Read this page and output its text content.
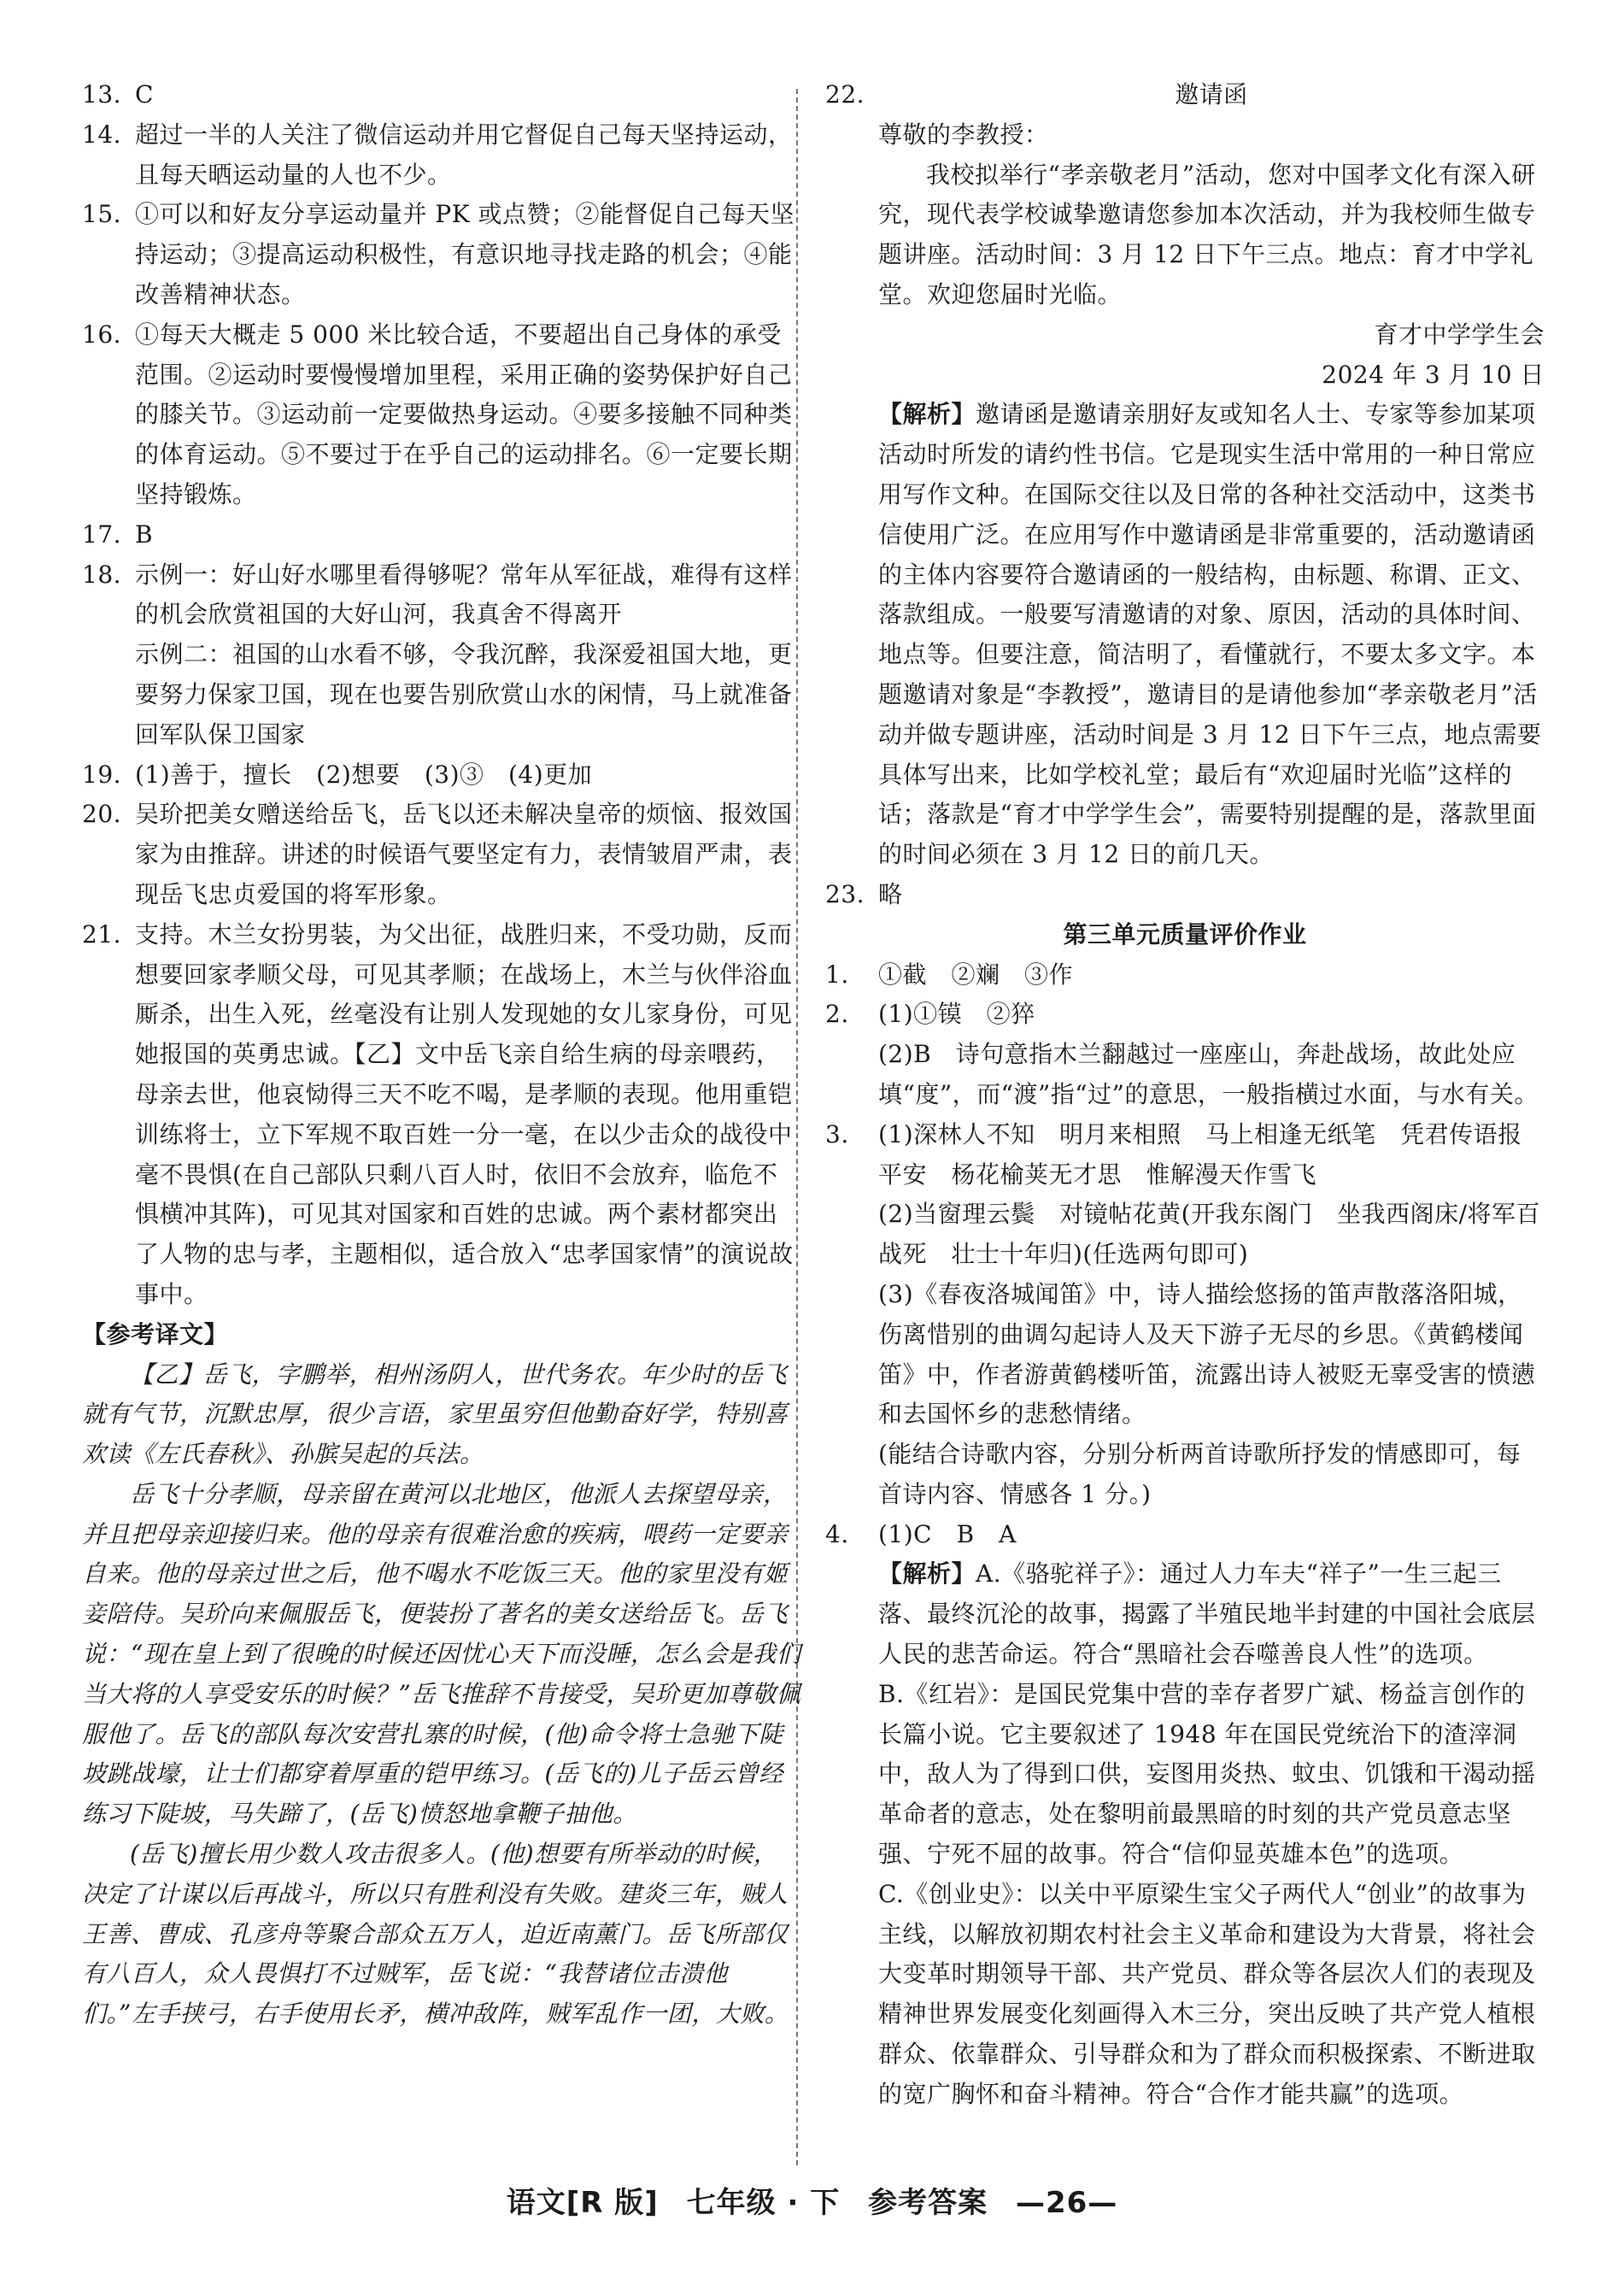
13. C
14. 超过一半的人关注了微信运动并用它督促自己每天坚持运动，且每天晒运动量的人也不少。
15. ①可以和好友分享运动量并 PK 或点赞；②能督促自己每天坚持运动；③提高运动积极性，有意识地寻找走路的机会；④能改善精神状态。
16. ①每天大概走 5 000 米比较合适，不要超出自己身体的承受范围。②运动时要慢慢增加里程，采用正确的姿势保护好自己的膝关节。③运动前一定要做热身运动。④要多接触不同种类的体育运动。⑤不要过于在乎自己的运动排名。⑥一定要长期坚持锻炼。
17. B
18. 示例一：好山好水哪里看得够呢？常年从军征战，难得有这样的机会欣赏祖国的大好山河，我真舍不得离开
示例二：祖国的山水看不够，令我沉醉，我深爱祖国大地，更要努力保家卫国，现在也要告别欣赏山水的闲情，马上就准备回军队保卫国家
19. (1)善于，擅长　(2)想要　(3)③　(4)更加
20. 吴玠把美女赠送给岳飞，岳飞以还未解决皇帝的烦恼、报效国家为由推辞。讲述的时候语气要坚定有力，表情皱眉严肃，表现岳飞忠贞爱国的将军形象。
21. 支持。木兰女扮男装，为父出征，战胜归来，不受功勋，反而想要回家孝顺父母，可见其孝顺；在战场上，木兰与伙伴浴血厮杀，出生入死，丝毫没有让别人发现她的女儿家身份，可见她报国的英勇忠诚。【乙】文中岳飞亲自给生病的母亲喂药，母亲去世，他哀恸得三天不吃不喝，是孝顺的表现。他用重铠训练将士，立下军规不取百姓一分一毫，在以少击众的战役中毫不畏惧(在自己部队只剩八百人时，依旧不会放弃，临危不惧横冲其阵)，可见其对国家和百姓的忠诚。两个素材都突出了人物的忠与孝，主题相似，适合放入“忠孝国家情”的演说故事中。
【参考译文】
【乙】岳飞，字鹏举，相州汤阴人，世代务农。年少时的岳飞就有气节，沉默忠厚，很少言语，家里虽穷但他勤奋好学，特别喜欢读《左氏春秋》、孙膑吴起的兵法。
岳飞十分孝顺，母亲留在黄河以北地区，他派人去探望母亲，并且把母亲迎接归来。他的母亲有很难治愈的疾病，喂药一定要亲自来。他的母亲过世之后，他不喝水不吃饭三天。他的家里没有姬妾陪侍。吴玠向来佩服岳飞，便装扮了著名的美女送给岳飞。岳飞说：“现在皇上到了很晚的时候还因忧心天下而没睡，怎么会是我们当大将的人享受安乐的时候？”岳飞推辞不肯接受，吴玠更加尊敬佩服他了。岳飞的部队每次安营扎寨的时候，(他)命令将士急驰下陡坡跳战壕，让士们都穿着厚重的铠甲练习。(岳飞的)儿子岳云曾经练习下陡坡，马失蹄了，(岳飞)愤怒地拿鞭子抽他。
(岳飞)擅长用少数人攻击很多人。(他)想要有所举动的时候，决定了计谋以后再战斗，所以只有胜利没有失败。建炎三年，贼人王善、曹成、孔彦舟等聚合部众五万人，迫近南薰门。岳飞所部仅有八百人，众人畏惧打不过贼军，岳飞说：“我替诸位击溃他们。”左手挟弓，右手使用长矛，横冲敌阵，贼军乱作一团，大败。
22.	邀请函
尊敬的李教授：
我校拟举行“孝亲敬老月”活动，您对中国孝文化有深入研究，现代表学校诚挚邀请您参加本次活动，并为我校师生做专题讲座。活动时间：3 月 12 日下午三点。地点：育才中学礼堂。欢迎您届时光临。
育才中学学生会
2024 年 3 月 10 日
【解析】邀请函是邀请亲朋好友或知名人士、专家等参加某项活动时所发的请约性书信。它是现实生活中常用的一种日常应用写作文种。在国际交往以及日常的各种社交活动中，这类书信使用广泛。在应用写作中邀请函是非常重要的，活动邀请函的主体内容要符合邀请函的一般结构，由标题、称谓、正文、落款组成。一般要写清邀请的对象、原因，活动的具体时间、地点等。但要注意，简洁明了，看懂就行，不要太多文字。本题邀请对象是“李教授”，邀请目的是请他参加“孝亲敬老月”活动并做专题讲座，活动时间是 3 月 12 日下午三点，地点需要具体写出来，比如学校礼堂；最后有“欢迎届时光临”这样的话；落款是“育才中学学生会”，需要特别提醒的是，落款里面的时间必须在 3 月 12 日的前几天。
23. 略
第三单元质量评价作业
1.	①截　②斓　③作
2.	(1)①镆　②猝
(2)B　诗句意指木兰翻越过一座座山，奔赴战场，故此处应填“度”，而“渡”指“过”的意思，一般指横过水面，与水有关。
3.	(1)深林人不知　明月来相照　马上相逢无纸笔　凭君传语报平安　杨花榆荚无才思　惟解漫天作雪飞
(2)当窗理云鬓　对镜帖花黄(开我东阁门　坐我西阁床/将军百战死　壮士十年归)(任选两句即可)
(3)《春夜洛城闻笛》中，诗人描绘悠扬的笛声散落洛阳城，伤离惜别的曲调勾起诗人及天下游子无尽的乡思。《黄鹤楼闻笛》中，作者游黄鹤楼听笛，流露出诗人被贬无辜受害的愤懑和去国怀乡的悲愁情绪。
(能结合诗歌内容，分别分析两首诗歌所抒发的情感即可，每首诗内容、情感各 1 分。)
4.	(1)C　B　A
【解析】A.《骆驼祥子》：通过人力车夫“祥子”一生三起三落、最终沉沦的故事，揭露了半殖民地半封建的中国社会底层人民的悲苦命运。符合“黑暗社会吞噬善良人性”的选项。
B.《红岩》：是国民党集中营的幸存者罗广斌、杨益言创作的长篇小说。它主要叙述了 1948 年在国民党统治下的渣滓洞中，敌人为了得到口供，妄图用炎热、蚊虫、饥饿和干渴动摇革命者的意志，处在黎明前最黑暗的时刻的共产党员意志坚强、宁死不屈的故事。符合“信仰显英雄本色”的选项。
C.《创业史》：以关中平原梁生宝父子两代人“创业”的故事为主线，以解放初期农村社会主义革命和建设为大背景，将社会大变革时期领导干部、共产党员、群众等各层次人们的表现及精神世界发展变化刻画得入木三分，突出反映了共产党人植根群众、依靠群众、引导群众和为了群众而积极探索、不断进取的宽广胸怀和奋斗精神。符合“合作才能共赢”的选项。
语文[R 版] 七年级 · 下 参考答案 —26—
